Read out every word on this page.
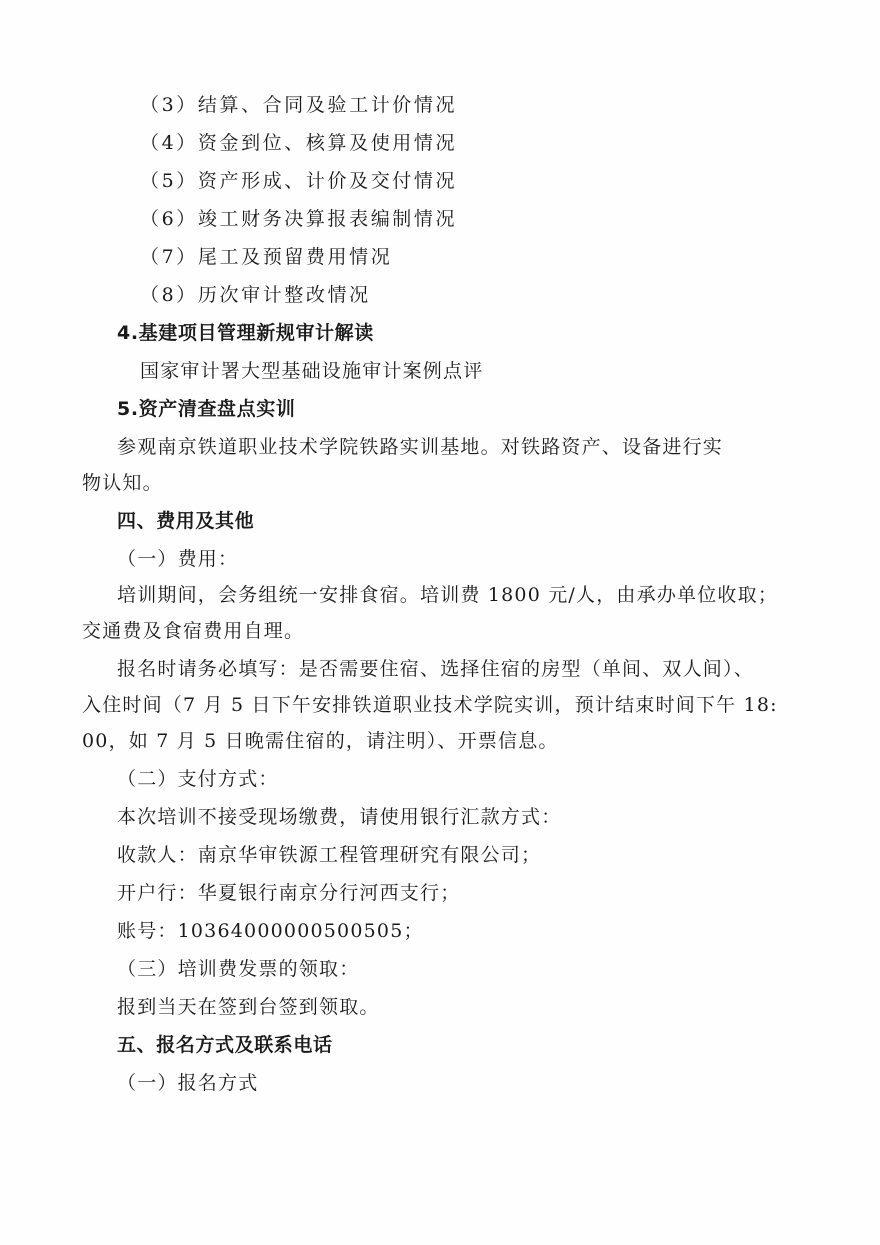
（3）结算、合同及验工计价情况
（4）资金到位、核算及使用情况
（5）资产形成、计价及交付情况
（6）竣工财务决算报表编制情况
（7）尾工及预留费用情况
（8）历次审计整改情况
4.基建项目管理新规审计解读
国家审计署大型基础设施审计案例点评
5.资产清查盘点实训
参观南京铁道职业技术学院铁路实训基地。对铁路资产、设备进行实
物认知。
四、费用及其他
（一）费用：
培训期间，会务组统一安排食宿。培训费 1800 元/人，由承办单位收取；
交通费及食宿费用自理。
报名时请务必填写：是否需要住宿、选择住宿的房型（单间、双人间）、
入住时间（7 月 5 日下午安排铁道职业技术学院实训，预计结束时间下午 18:
00，如 7 月 5 日晚需住宿的，请注明）、开票信息。
（二）支付方式：
本次培训不接受现场缴费，请使用银行汇款方式：
收款人：南京华审铁源工程管理研究有限公司；
开户行：华夏银行南京分行河西支行；
账号：10364000000500505；
（三）培训费发票的领取：
报到当天在签到台签到领取。
五、报名方式及联系电话
（一）报名方式
